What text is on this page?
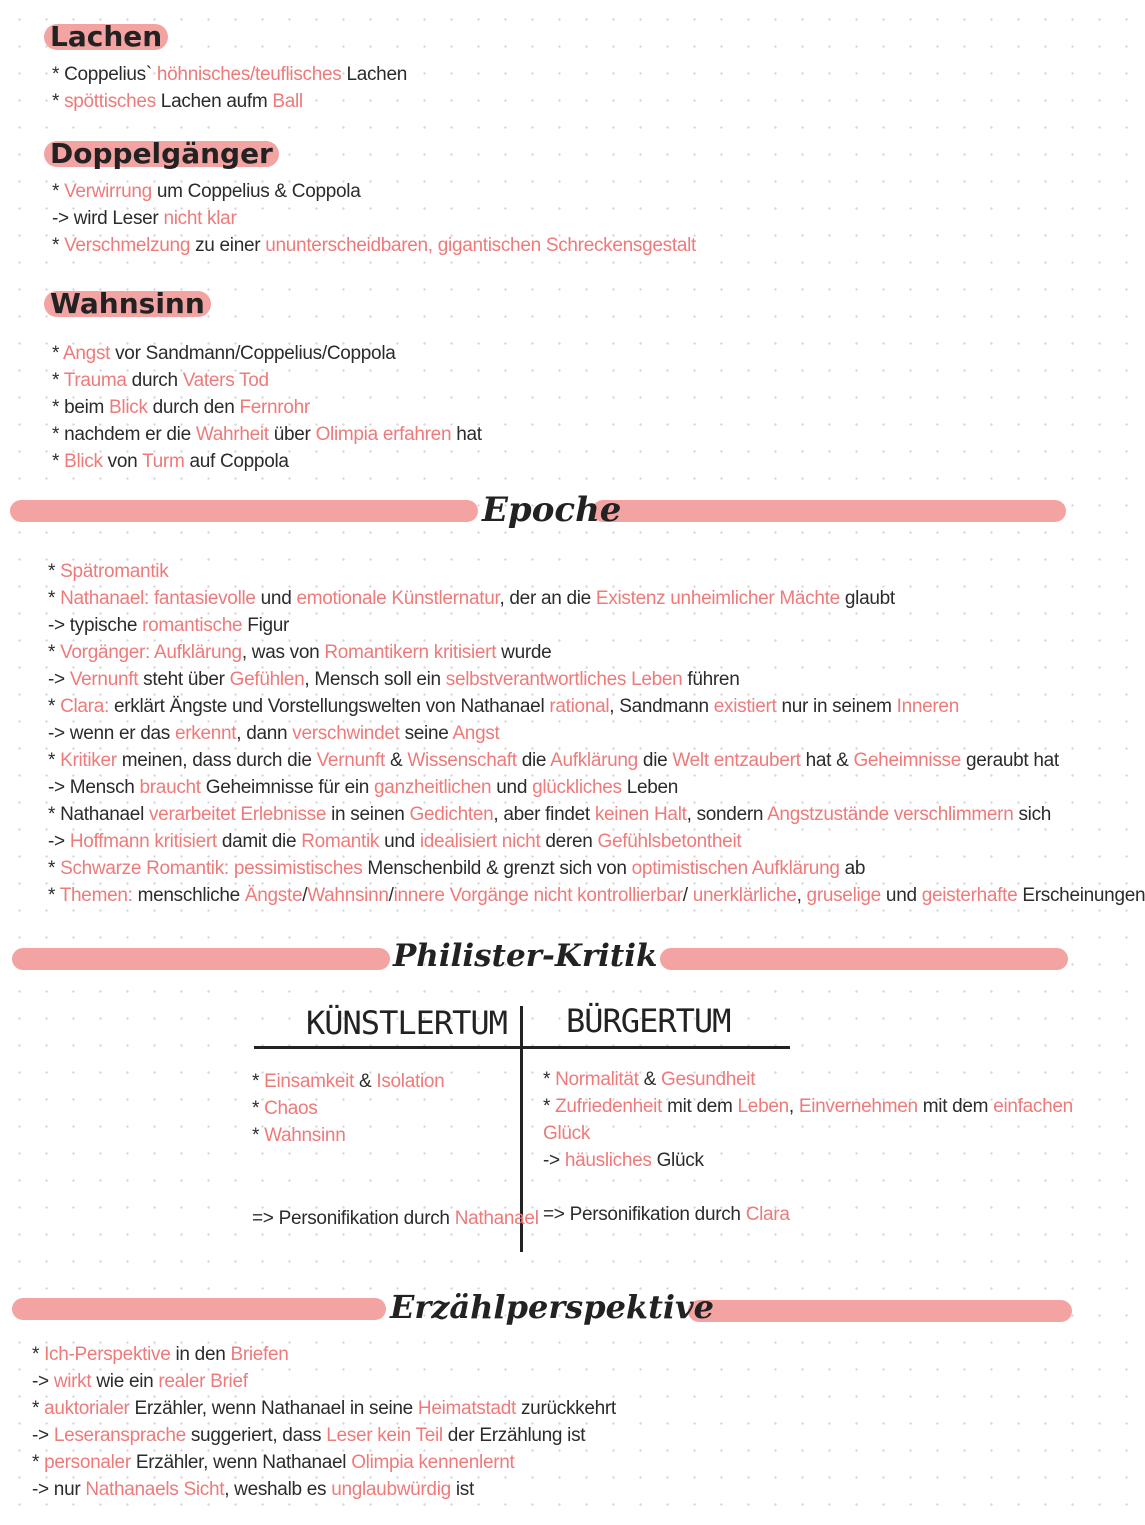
Lachen
* Coppelius` höhnisches/teuflisches Lachen
* spöttisches Lachen aufm Ball
Doppelgänger
* Verwirrung um Coppelius & Coppola
-> wird Leser nicht klar
* Verschmelzung zu einer ununterscheidbaren, gigantischen Schreckensgestalt
Wahnsinn
* Angst vor Sandmann/Coppelius/Coppola
* Trauma durch Vaters Tod
* beim Blick durch den Fernrohr
* nachdem er die Wahrheit über Olimpia erfahren hat
* Blick von Turm auf Coppola
Epoche
* Spätromantik
* Nathanael: fantasievolle und emotionale Künstlernatur, der an die Existenz unheimlicher Mächte glaubt
-> typische romantische Figur
* Vorgänger: Aufklärung, was von Romantikern kritisiert wurde
-> Vernunft steht über Gefühlen, Mensch soll ein selbstverantwortliches Leben führen
* Clara: erklärt Ängste und Vorstellungswelten von Nathanael rational, Sandmann existiert nur in seinem Inneren
-> wenn er das erkennt, dann verschwindet seine Angst
* Kritiker meinen, dass durch die Vernunft & Wissenschaft die Aufklärung die Welt entzaubert hat & Geheimnisse geraubt hat
-> Mensch braucht Geheimnisse für ein ganzheitlichen und glückliches Leben
* Nathanael verarbeitet Erlebnisse in seinen Gedichten, aber findet keinen Halt, sondern Angstzustände verschlimmern sich
-> Hoffmann kritisiert damit die Romantik und idealisiert nicht deren Gefühlsbetontheit
* Schwarze Romantik: pessimistisches Menschenbild & grenzt sich von optimistischen Aufklärung ab
* Themen: menschliche Ängste/Wahnsinn/innere Vorgänge nicht kontrollierbar/ unerklärliche, gruselige und geisterhafte Erscheinungen
Philister-Kritik
KÜNSTLERTUM BÜRGERTUM
* Einsamkeit & Isolation
* Chaos
* Wahnsinn
=> Personifikation durch Nathanael
* Normalität & Gesundheit
* Zufriedenheit mit dem Leben, Einvernehmen mit dem einfachen
Glück
-> häusliches Glück
=> Personifikation durch Clara
Erzählperspektive
* Ich-Perspektive in den Briefen
-> wirkt wie ein realer Brief
* auktorialer Erzähler, wenn Nathanael in seine Heimatstadt zurückkehrt
-> Leseransprache suggeriert, dass Leser kein Teil der Erzählung ist
* personaler Erzähler, wenn Nathanael Olimpia kennenlernt
-> nur Nathanaels Sicht, weshalb es unglaubwürdig ist
